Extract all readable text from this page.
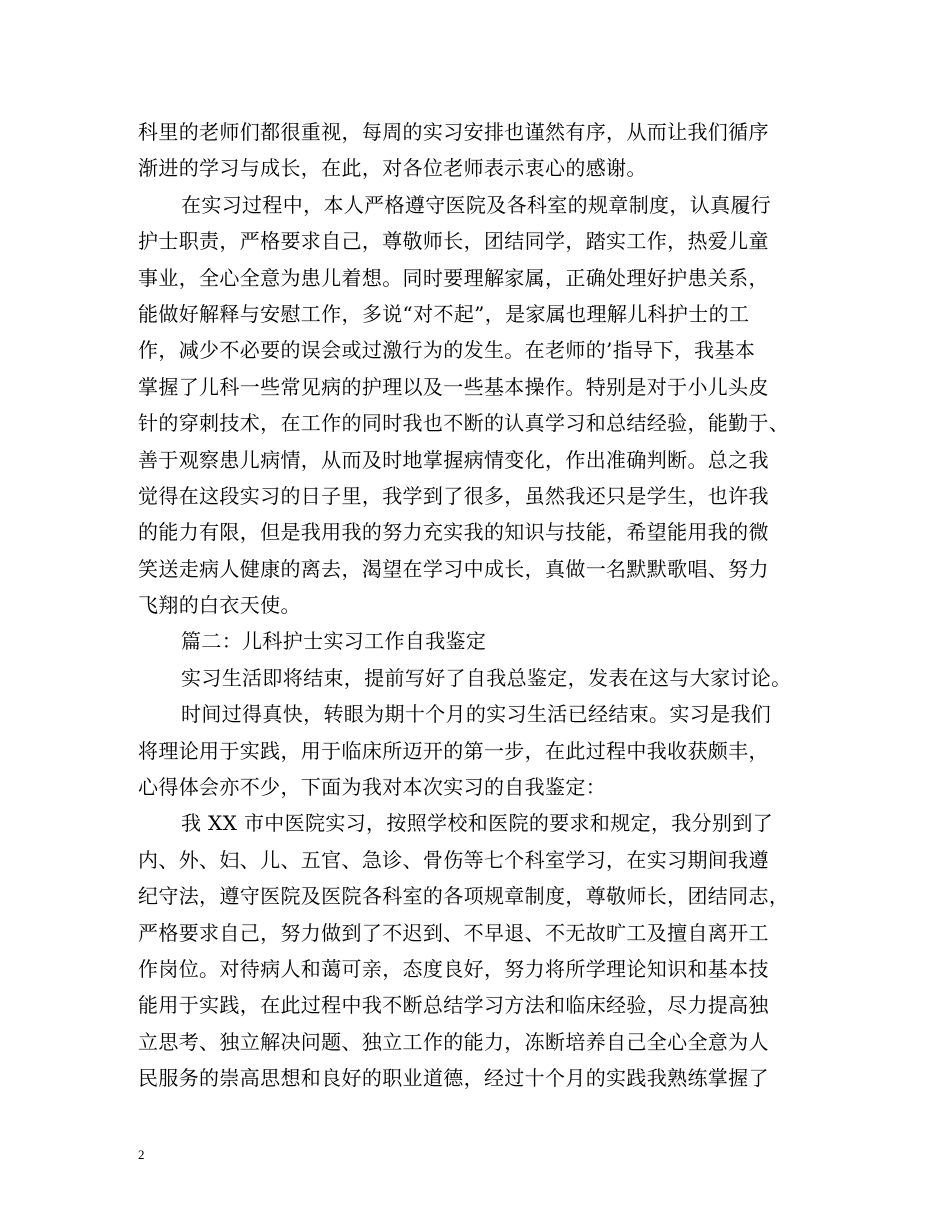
科里的老师们都很重视，每周的实习安排也谨然有序，从而让我们循序
渐进的学习与成长，在此，对各位老师表示衷心的感谢。
在实习过程中，本人严格遵守医院及各科室的规章制度，认真履行
护士职责，严格要求自己，尊敬师长，团结同学，踏实工作，热爱儿童
事业，全心全意为患儿着想。同时要理解家属，正确处理好护患关系，
能做好解释与安慰工作，多说“对不起”，是家属也理解儿科护士的工
作，减少不必要的误会或过激行为的发生。在老师的’指导下，我基本
掌握了儿科一些常见病的护理以及一些基本操作。特别是对于小儿头皮
针的穿刺技术，在工作的同时我也不断的认真学习和总结经验，能勤于、
善于观察患儿病情，从而及时地掌握病情变化，作出准确判断。总之我
觉得在这段实习的日子里，我学到了很多，虽然我还只是学生，也许我
的能力有限，但是我用我的努力充实我的知识与技能，希望能用我的微
笑送走病人健康的离去，渴望在学习中成长，真做一名默默歌唱、努力
飞翔的白衣天使。
篇二：儿科护士实习工作自我鉴定
实习生活即将结束，提前写好了自我总鉴定，发表在这与大家讨论。
时间过得真快，转眼为期十个月的实习生活已经结束。实习是我们
将理论用于实践，用于临床所迈开的第一步，在此过程中我收获颇丰，
心得体会亦不少，下面为我对本次实习的自我鉴定：
我 XX 市中医院实习，按照学校和医院的要求和规定，我分别到了
内、外、妇、儿、五官、急诊、骨伤等七个科室学习，在实习期间我遵
纪守法，遵守医院及医院各科室的各项规章制度，尊敬师长，团结同志，
严格要求自己，努力做到了不迟到、不早退、不无故旷工及擅自离开工
作岗位。对待病人和蔼可亲，态度良好，努力将所学理论知识和基本技
能用于实践，在此过程中我不断总结学习方法和临床经验，尽力提高独
立思考、独立解决问题、独立工作的能力，冻断培养自己全心全意为人
民服务的崇高思想和良好的职业道德，经过十个月的实践我熟练掌握了
2
